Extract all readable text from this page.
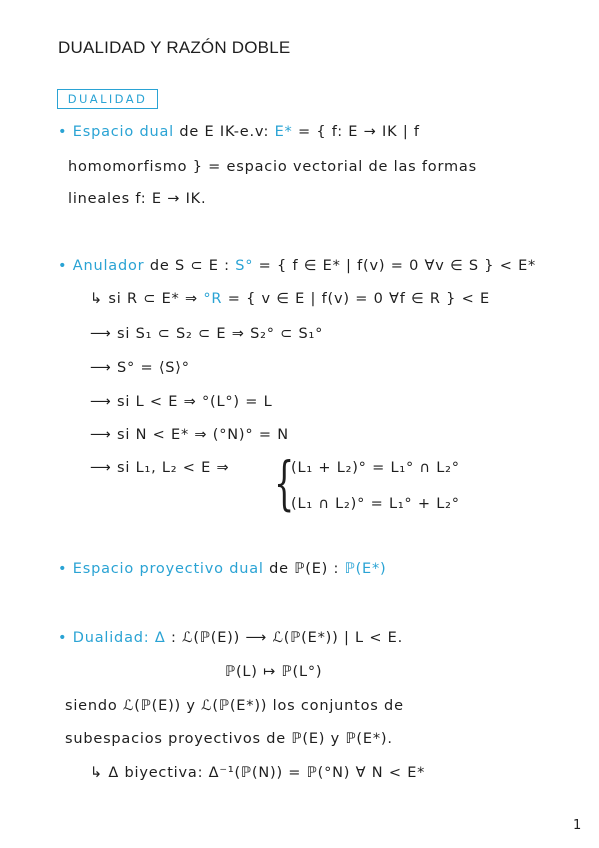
DUALIDAD Y RAZÓN DOBLE
DUALIDAD
• Espacio dual de E IK-e.v: E* = { f: E → IK | f
homomorfismo } = espacio vectorial de las formas
lineales f: E → IK.
• Anulador de S ⊂ E : S° = { f ∈ E* | f(v) = 0 ∀v ∈ S } < E*
↳ si R ⊂ E* ⇒ °R = { v ∈ E | f(v) = 0 ∀f ∈ R } < E
⟶ si S₁ ⊂ S₂ ⊂ E ⇒ S₂° ⊂ S₁°
⟶ S° = ⟨S⟩°
⟶ si L < E ⇒ °(L°) = L
⟶ si N < E* ⇒ (°N)° = N
⟶ si L₁, L₂ < E ⇒ {
(L₁ + L₂)° = L₁° ∩ L₂°
(L₁ ∩ L₂)° = L₁° + L₂°
• Espacio proyectivo dual de ℙ(E) : ℙ(E*)
• Dualidad: Δ : ℒ(ℙ(E)) ⟶ ℒ(ℙ(E*)) | L < E.
ℙ(L) ↦ ℙ(L°)
siendo ℒ(ℙ(E)) y ℒ(ℙ(E*)) los conjuntos de
subespacios proyectivos de ℙ(E) y ℙ(E*).
↳ Δ biyectiva: Δ⁻¹(ℙ(N)) = ℙ(°N) ∀ N < E*
1
